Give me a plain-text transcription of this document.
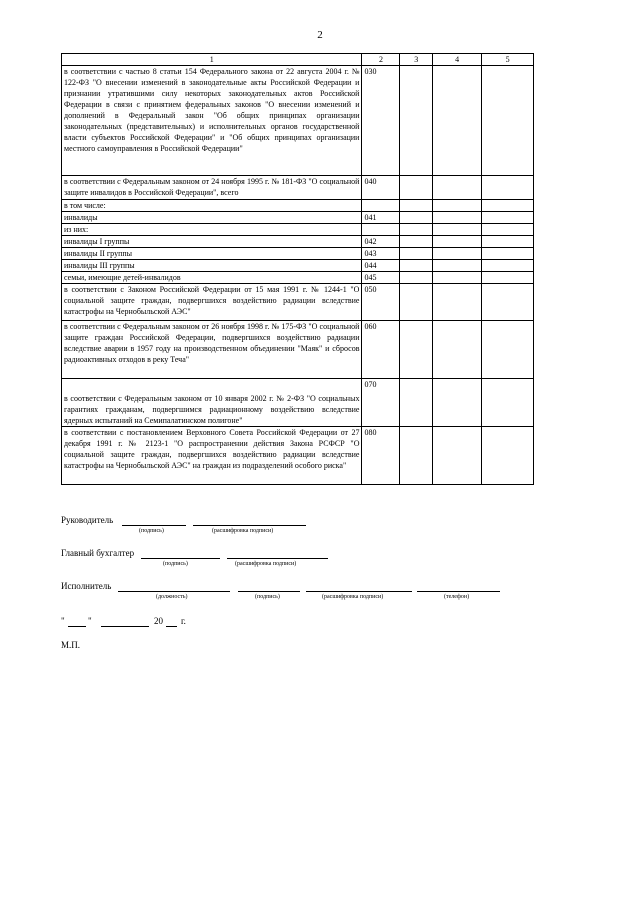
2
1	2	3	4	5
в соответствии с частью 8 статьи 154 Федерального закона от 22 августа 2004 г. № 122-ФЗ "О внесении изменений в законодательные акты Российской Федерации и признании утратившими силу некоторых законодательных актов Российской Федерации в связи с принятием федеральных законов "О внесении изменений и дополнений в Федеральный закон "Об общих принципах организации законодательных (представительных) и исполнительных органов государственной власти субъектов Российской Федерации" и "Об общих принципах организации местного самоуправления в Российской Федерации"	030			
в соответствии с Федеральным законом от 24 ноября 1995 г. № 181-ФЗ "О социальной защите инвалидов в Российской Федерации", всего	040			
в том числе:				
инвалиды	041			
из них:				
инвалиды I группы	042			
инвалиды II группы	043			
инвалиды III группы	044			
семьи, имеющие детей-инвалидов	045			
в соответствии с Законом Российской Федерации от 15 мая 1991 г. № 1244-1 "О социальной защите граждан, подвергшихся воздействию радиации вследствие катастрофы на Чернобыльской АЭС"	050			
в соответствии с Федеральным законом от 26 ноября 1998 г. № 175-ФЗ "О социальной защите граждан Российской Федерации, подвергшихся воздействию радиации вследствие аварии в 1957 году на производственном объединении "Маяк" и сбросов радиоактивных отходов в реку Теча"	060			
в соответствии с Федеральным законом от 10 января 2002 г. № 2-ФЗ "О социальных гарантиях гражданам, подвергшимся радиационному воздействию вследствие ядерных испытаний на Семипалатинском полигоне"	070			
в соответствии с постановлением Верховного Совета Российской Федерации от 27 декабря 1991 г. № 2123-1 "О распространении действия Закона РСФСР "О социальной защите граждан, подвергшихся воздействию радиации вследствие катастрофы на Чернобыльской АЭС" на граждан из подразделений особого риска"	080			
Руководитель
(подпись)	(расшифровка подписи)
Главный бухгалтер
(подпись)	(расшифровка подписи)
Исполнитель
(должность)	(подпись)	(расшифровка подписи)	(телефон)
"	"	20 г.
М.П.
